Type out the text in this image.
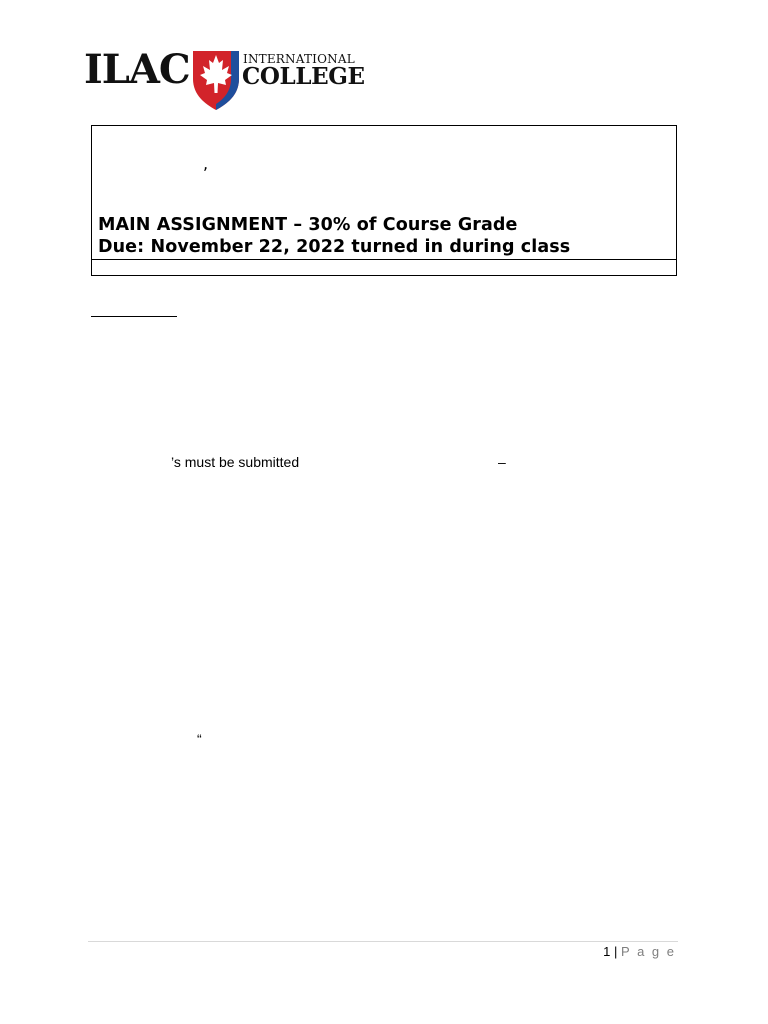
ILAC	INTERNATIONAL
COLLEGE
,
MAIN ASSIGNMENT – 30% of Course Grade
Due: November 22, 2022 turned in during class
’s must be submitted	–
“
1 | P a g e
